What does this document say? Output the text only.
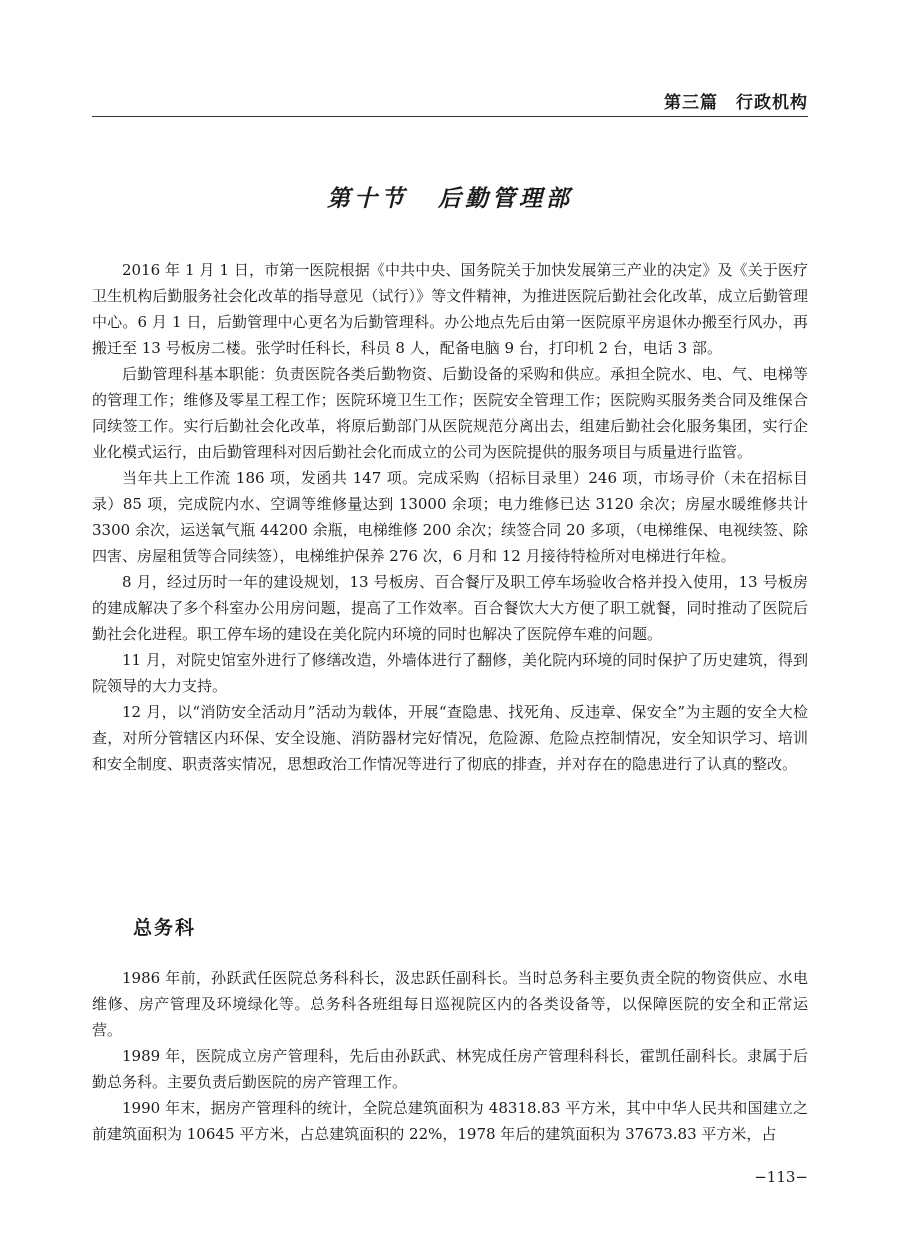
第三篇　行政机构
第十节 后勤管理部

2016 年 1 月 1 日，市第一医院根据《中共中央、国务院关于加快发展第三产业的决定》及《关于医疗卫生机构后勤服务社会化改革的指导意见（试行）》等文件精神，为推进医院后勤社会化改革，成立后勤管理中心。6 月 1 日，后勤管理中心更名为后勤管理科。办公地点先后由第一医院原平房退休办搬至行风办，再搬迁至 13 号板房二楼。张学时任科长，科员 8 人，配备电脑 9 台，打印机 2 台，电话 3 部。

后勤管理科基本职能：负责医院各类后勤物资、后勤设备的采购和供应。承担全院水、电、气、电梯等的管理工作；维修及零星工程工作；医院环境卫生工作；医院安全管理工作；医院购买服务类合同及维保合同续签工作。实行后勤社会化改革，将原后勤部门从医院规范分离出去，组建后勤社会化服务集团，实行企业化模式运行，由后勤管理科对因后勤社会化而成立的公司为医院提供的服务项目与质量进行监管。

当年共上工作流 186 项，发函共 147 项。完成采购（招标目录里）246 项，市场寻价（未在招标目录）85 项，完成院内水、空调等维修量达到 13000 余项；电力维修已达 3120 余次；房屋水暖维修共计 3300 余次，运送氧气瓶 44200 余瓶，电梯维修 200 余次；续签合同 20 多项，（电梯维保、电视续签、除四害、房屋租赁等合同续签），电梯维护保养 276 次，6 月和 12 月接待特检所对电梯进行年检。

8 月，经过历时一年的建设规划，13 号板房、百合餐厅及职工停车场验收合格并投入使用，13 号板房的建成解决了多个科室办公用房问题，提高了工作效率。百合餐饮大大方便了职工就餐，同时推动了医院后勤社会化进程。职工停车场的建设在美化院内环境的同时也解决了医院停车难的问题。

11 月，对院史馆室外进行了修缮改造，外墙体进行了翻修，美化院内环境的同时保护了历史建筑，得到院领导的大力支持。

12 月，以“消防安全活动月”活动为载体，开展“查隐患、找死角、反违章、保安全”为主题的安全大检查，对所分管辖区内环保、安全设施、消防器材完好情况，危险源、危险点控制情况，安全知识学习、培训和安全制度、职责落实情况，思想政治工作情况等进行了彻底的排查，并对存在的隐患进行了认真的整改。

总务科

1986 年前，孙跃武任医院总务科科长，汲忠跃任副科长。当时总务科主要负责全院的物资供应、水电维修、房产管理及环境绿化等。总务科各班组每日巡视院区内的各类设备等，以保障医院的安全和正常运营。

1989 年，医院成立房产管理科，先后由孙跃武、林宪成任房产管理科科长，霍凯任副科长。隶属于后勤总务科。主要负责后勤医院的房产管理工作。

1990 年末，据房产管理科的统计，全院总建筑面积为 48318.83 平方米，其中中华人民共和国建立之前建筑面积为 10645 平方米，占总建筑面积的 22%，1978 年后的建筑面积为 37673.83 平方米，占

−113−
